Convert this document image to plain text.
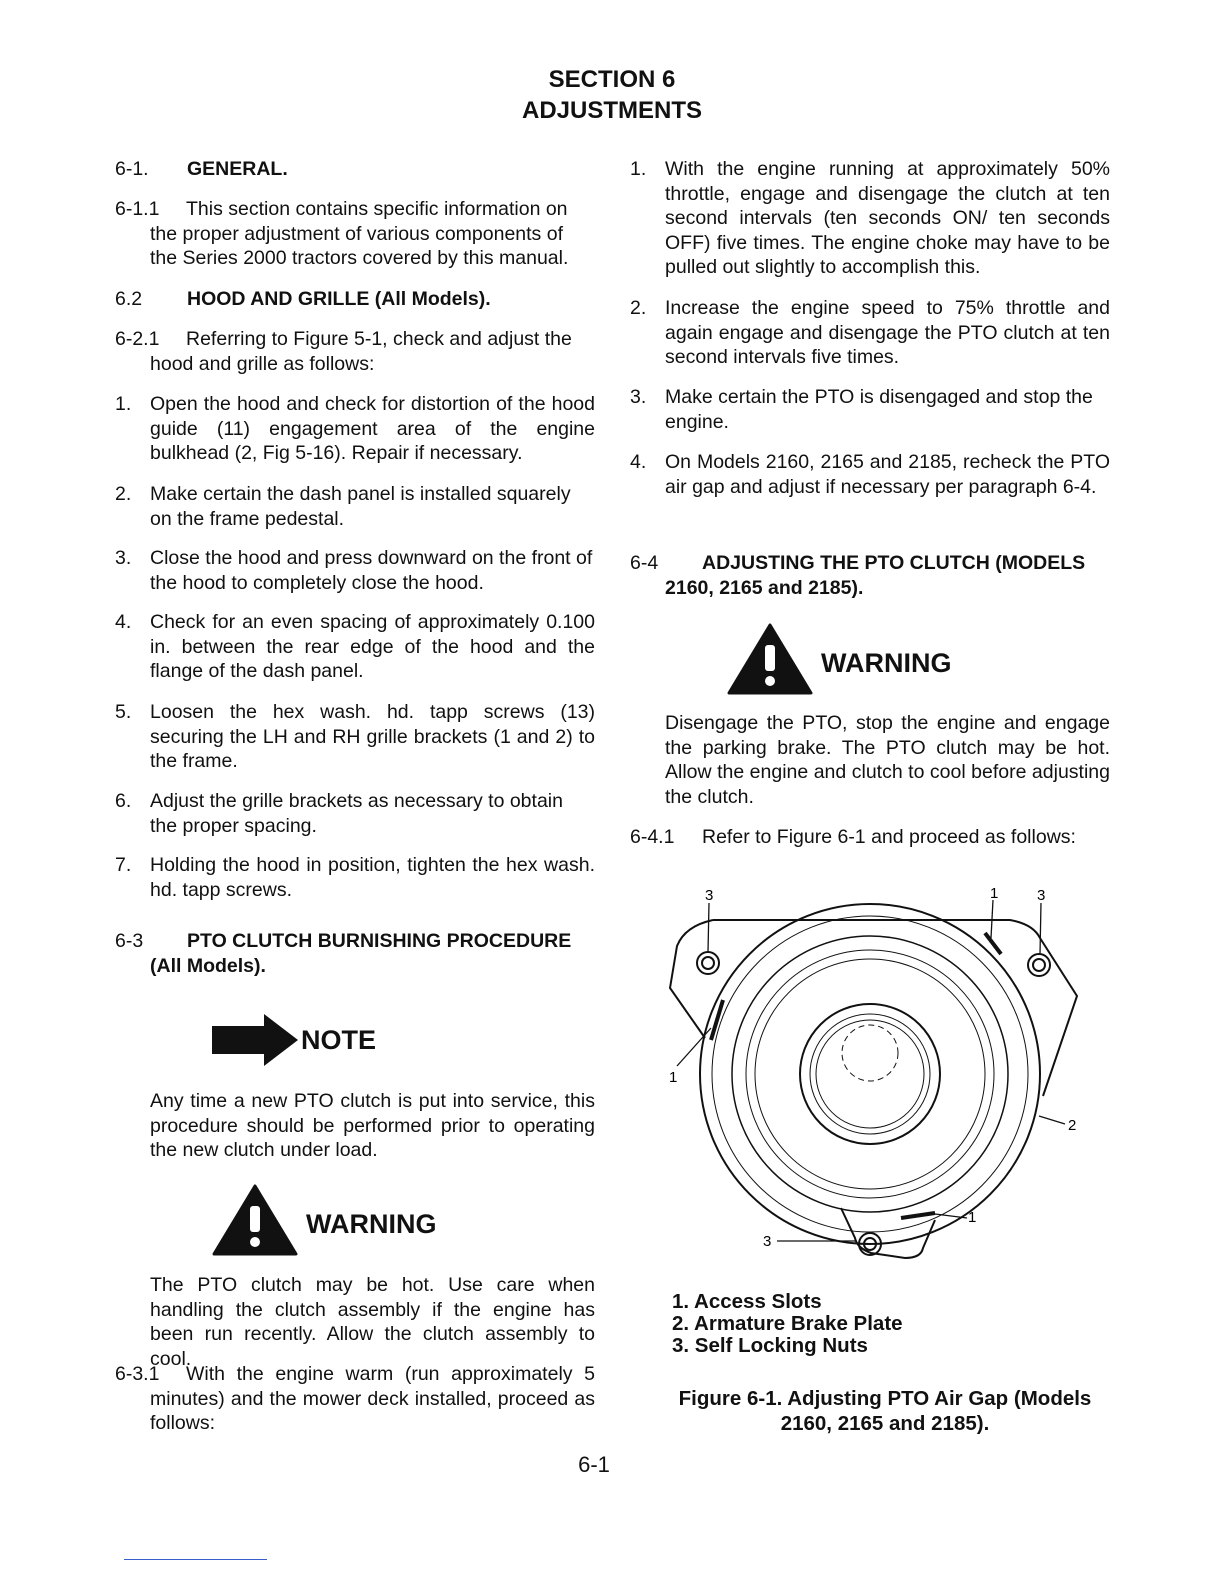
SECTION 6
ADJUSTMENTS
6-1. GENERAL.
6-1.1	This section contains specific information on the proper adjustment of various components of the Series 2000 tractors covered by this manual.
6.2 HOOD AND GRILLE (All Models).
6-2.1	Referring to Figure 5-1, check and adjust the hood and grille as follows:
1. Open the hood and check for distortion of the hood guide (11) engagement area of the engine bulkhead (2, Fig 5-16). Repair if necessary.
2. Make certain the dash panel is installed squarely on the frame pedestal.
3. Close the hood and press downward on the front of the hood to completely close the hood.
4. Check for an even spacing of approximately 0.100 in. between the rear edge of the hood and the flange of the dash panel.
5. Loosen the hex wash. hd. tapp screws (13) securing the LH and RH grille brackets (1 and 2) to the frame.
6. Adjust the grille brackets as necessary to obtain the proper spacing.
7. Holding the hood in position, tighten the hex wash. hd. tapp screws.
6-3 PTO CLUTCH BURNISHING PROCEDURE
(All Models).
NOTE
Any time a new PTO clutch is put into service, this procedure should be performed prior to operating the new clutch under load.
WARNING
The PTO clutch may be hot. Use care when handling the clutch assembly if the engine has been run recently. Allow the clutch assembly to cool.
6-3.1	With the engine warm (run approximately 5 minutes) and the mower deck installed, proceed as follows:
1. With the engine running at approximately 50% throttle, engage and disengage the clutch at ten second intervals (ten seconds ON/ ten seconds OFF) five times. The engine choke may have to be pulled out slightly to accomplish this.
2. Increase the engine speed to 75% throttle and again engage and disengage the PTO clutch at ten second intervals five times.
3. Make certain the PTO is disengaged and stop the engine.
4. On Models 2160, 2165 and 2185, recheck the PTO air gap and adjust if necessary per paragraph 6-4.
6-4 ADJUSTING THE PTO CLUTCH (MODELS
2160, 2165 and 2185).
WARNING
Disengage the PTO, stop the engine and engage the parking brake. The PTO clutch may be hot. Allow the engine and clutch to cool before adjusting the clutch.
6-4.1 Refer to Figure 6-1 and proceed as follows:
3	1	3
1
2
3
1
1. Access Slots
2. Armature Brake Plate
3. Self Locking Nuts
Figure 6-1. Adjusting PTO Air Gap (Models
2160, 2165 and 2185).
6-1
